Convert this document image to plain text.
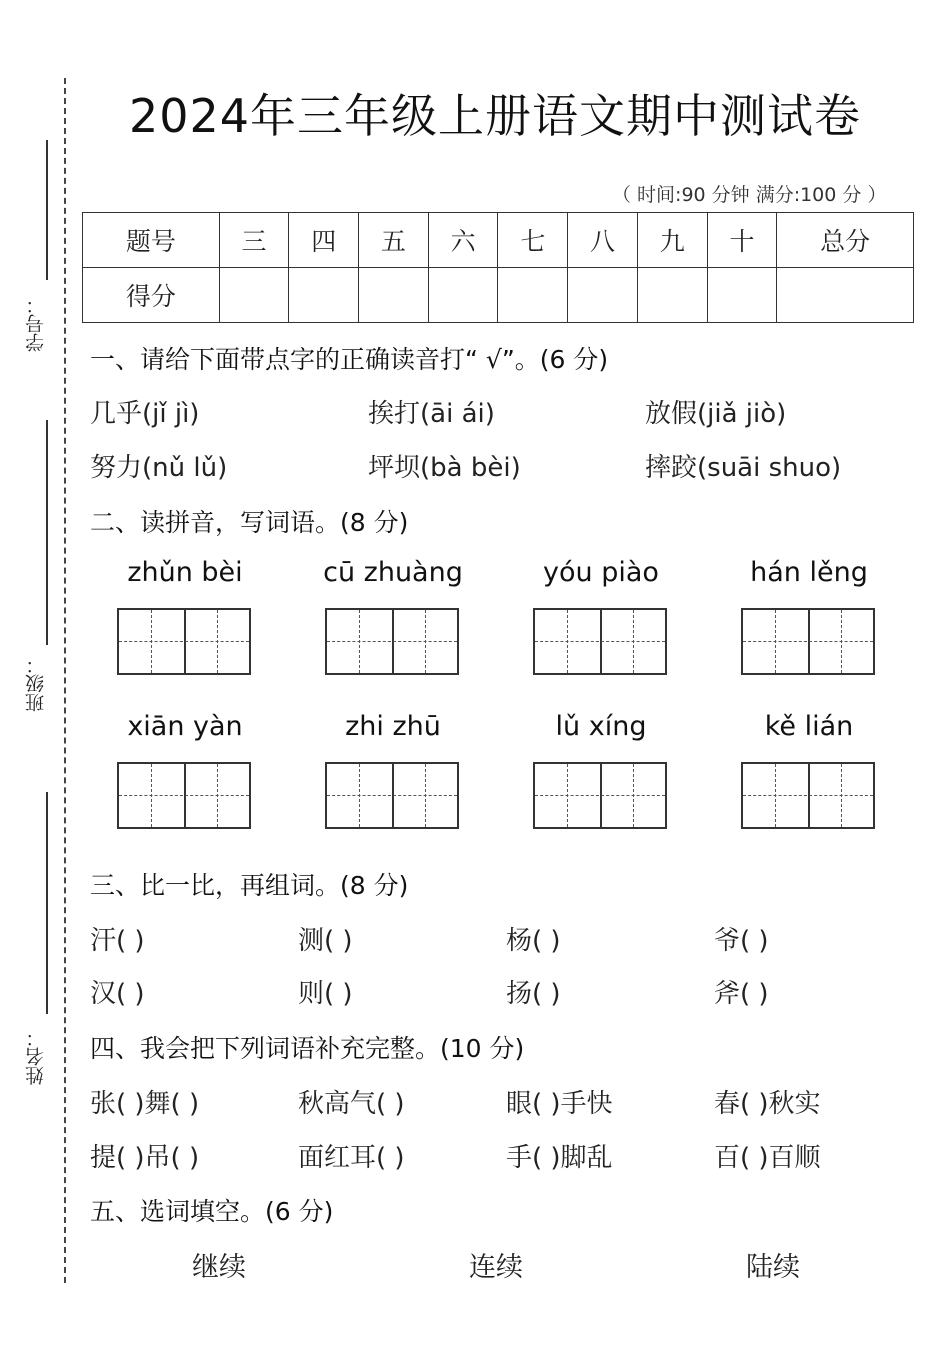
学号：
班级：
姓名：
2024年三年级上册语文期中测试卷
（ 时间:90 分钟 满分:100 分 ）
题号	三	四	五	六	七	八	九	十	总分
得分									
一、请给下面带点字的正确读音打“ √”。(6 分)
几乎(jǐ jì)	挨打(āi ái)	放假(jiǎ jiò)
努力(nǔ lǔ)	坪坝(bà bèi)	摔跤(suāi shuo)
二、读拼音，写词语。(8 分)
zhǔn bèi	cū zhuàng	yóu piào	hán lěng
xiān yàn	zhi zhū	lǔ xíng	kě lián
三、比一比，再组词。(8 分)
汗( )	测( )	杨( )	爷( )
汉( )	则( )	扬( )	斧( )
四、我会把下列词语补充完整。(10 分)
张( )舞( )	秋高气( )	眼( )手快	春( )秋实
提( )吊( )	面红耳( )	手( )脚乱	百( )百顺
五、选词填空。(6 分)
继续	连续	陆续
